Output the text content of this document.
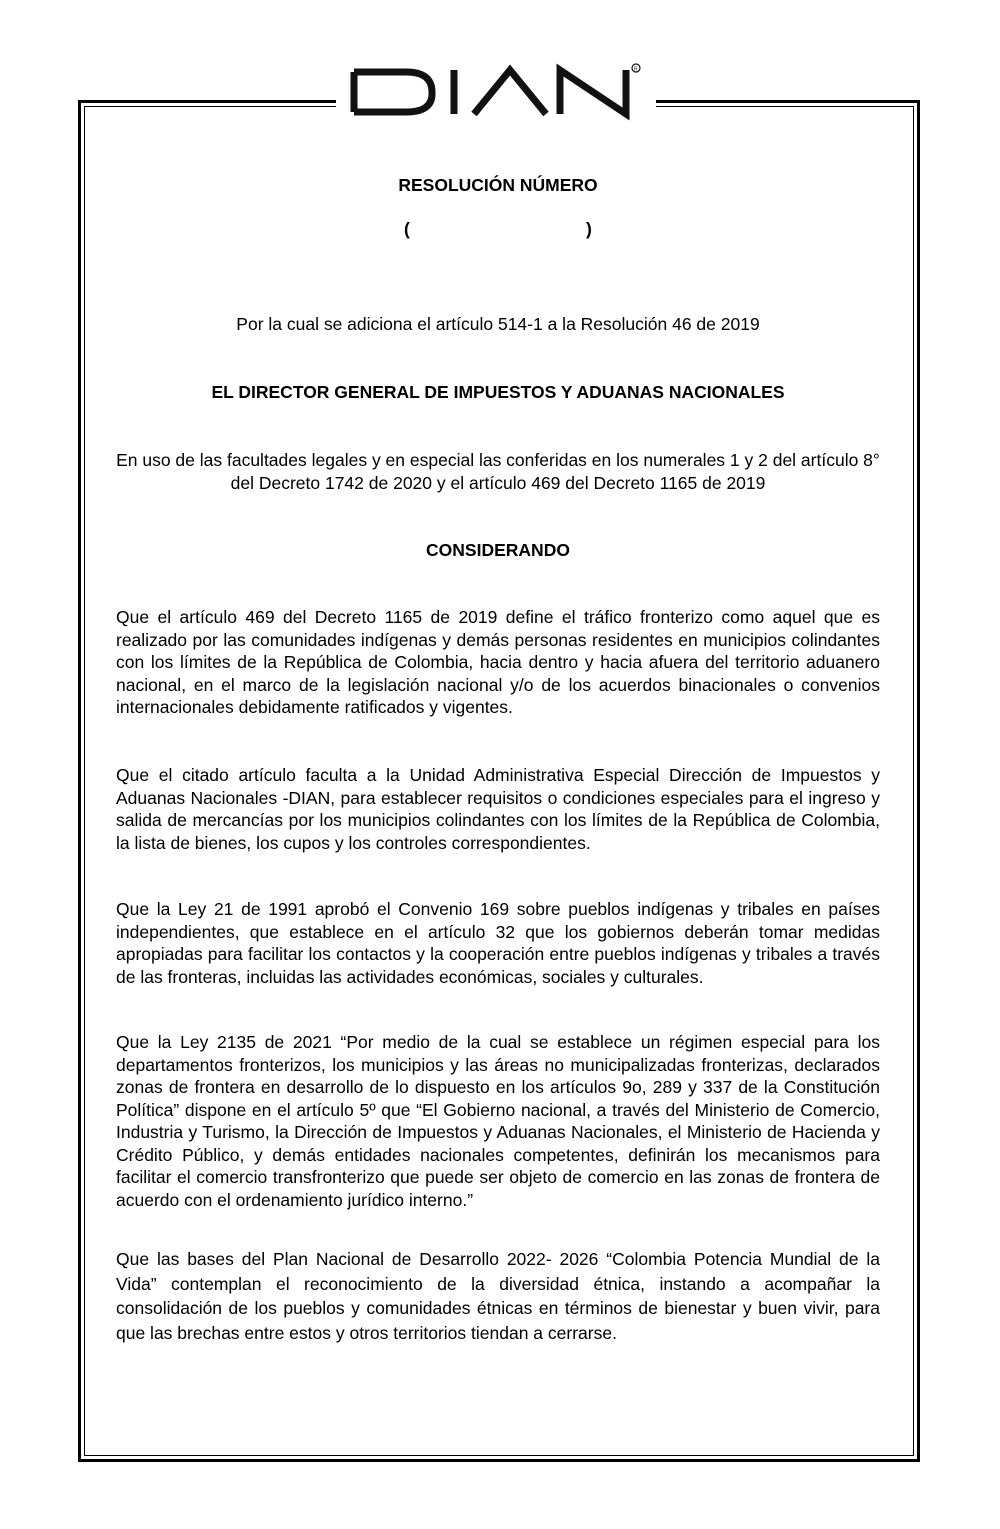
R
RESOLUCIÓN NÚMERO
(	)
Por la cual se adiciona el artículo 514-1 a la Resolución 46 de 2019
EL DIRECTOR GENERAL DE IMPUESTOS Y ADUANAS NACIONALES
En uso de las facultades legales y en especial las conferidas en los numerales 1 y 2 del artículo 8° del Decreto 1742 de 2020 y el artículo 469 del Decreto 1165 de 2019
CONSIDERANDO
Que el artículo 469 del Decreto 1165 de 2019 define el tráfico fronterizo como aquel que es realizado por las comunidades indígenas y demás personas residentes en municipios colindantes con los límites de la República de Colombia, hacia dentro y hacia afuera del territorio aduanero nacional, en el marco de la legislación nacional y/o de los acuerdos binacionales o convenios internacionales debidamente ratificados y vigentes.
Que el citado artículo faculta a la Unidad Administrativa Especial Dirección de Impuestos y Aduanas Nacionales -DIAN, para establecer requisitos o condiciones especiales para el ingreso y salida de mercancías por los municipios colindantes con los límites de la República de Colombia, la lista de bienes, los cupos y los controles correspondientes.
Que la Ley 21 de 1991 aprobó el Convenio 169 sobre pueblos indígenas y tribales en países independientes, que establece en el artículo 32 que los gobiernos deberán tomar medidas apropiadas para facilitar los contactos y la cooperación entre pueblos indígenas y tribales a través de las fronteras, incluidas las actividades económicas, sociales y culturales.
Que la Ley 2135 de 2021 “Por medio de la cual se establece un régimen especial para los departamentos fronterizos, los municipios y las áreas no municipalizadas fronterizas, declarados zonas de frontera en desarrollo de lo dispuesto en los artículos 9o, 289 y 337 de la Constitución Política” dispone en el artículo 5º que “El Gobierno nacional, a través del Ministerio de Comercio, Industria y Turismo, la Dirección de Impuestos y Aduanas Nacionales, el Ministerio de Hacienda y Crédito Público, y demás entidades nacionales competentes, definirán los mecanismos para facilitar el comercio transfronterizo que puede ser objeto de comercio en las zonas de frontera de acuerdo con el ordenamiento jurídico interno.”
Que las bases del Plan Nacional de Desarrollo 2022- 2026 “Colombia Potencia Mundial de la Vida” contemplan el reconocimiento de la diversidad étnica, instando a acompañar la consolidación de los pueblos y comunidades étnicas en términos de bienestar y buen vivir, para que las brechas entre estos y otros territorios tiendan a cerrarse.
